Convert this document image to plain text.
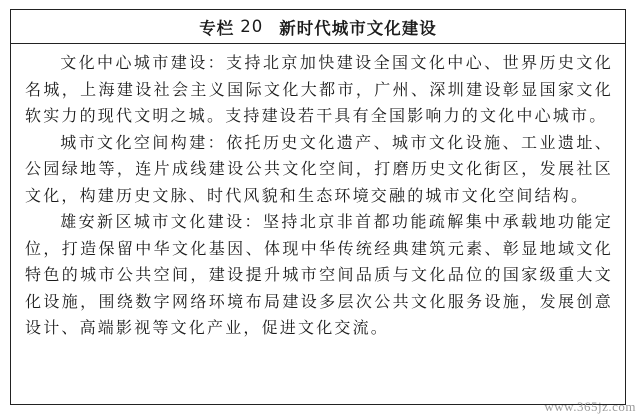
专栏 20 新时代城市文化建设

文化中心城市建设：支持北京加快建设全国文化中心、世界历史文化名城，上海建设社会主义国际文化大都市，广州、深圳建设彰显国家文化软实力的现代文明之城。支持建设若干具有全国影响力的文化中心城市。

城市文化空间构建：依托历史文化遗产、城市文化设施、工业遗址、公园绿地等，连片成线建设公共文化空间，打磨历史文化街区，发展社区文化，构建历史文脉、时代风貌和生态环境交融的城市文化空间结构。

雄安新区城市文化建设：坚持北京非首都功能疏解集中承载地功能定位，打造保留中华文化基因、体现中华传统经典建筑元素、彰显地域文化特色的城市公共空间，建设提升城市空间品质与文化品位的国家级重大文化设施，围绕数字网络环境布局建设多层次公共文化服务设施，发展创意设计、高端影视等文化产业，促进文化交流。

www.365jz.com
